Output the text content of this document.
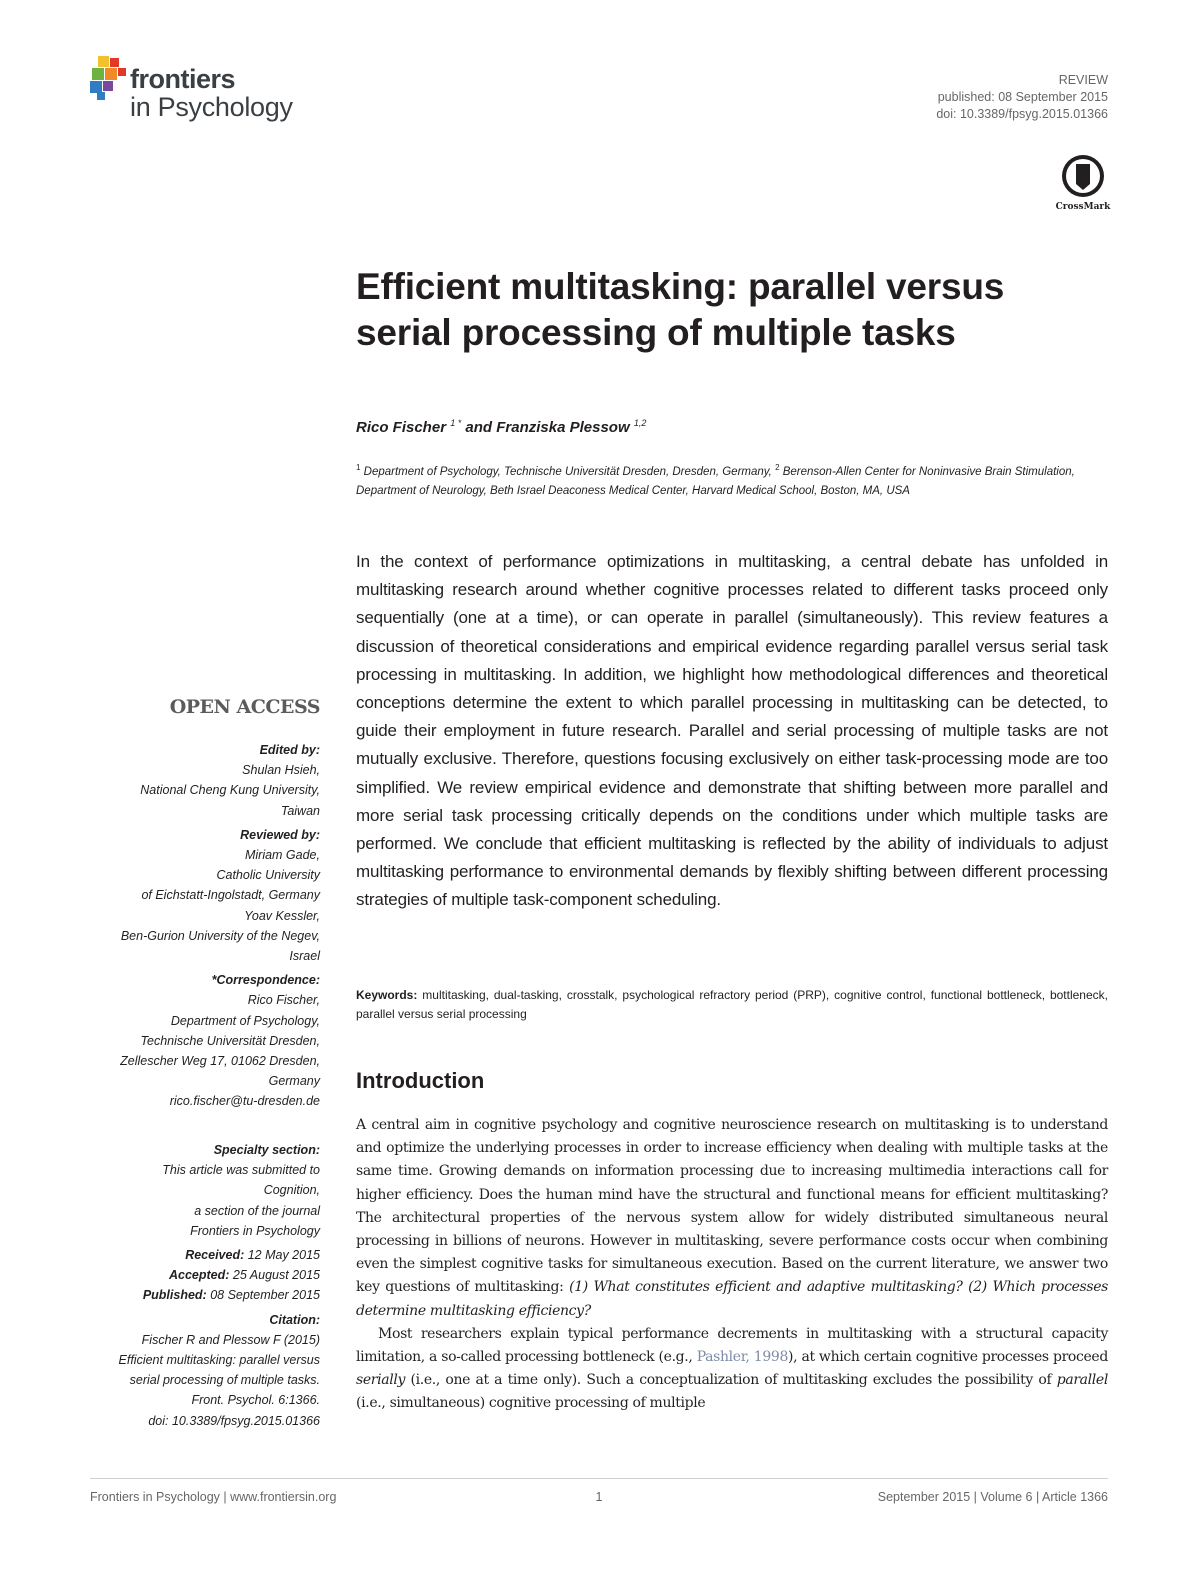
frontiers
in Psychology
REVIEW
published: 08 September 2015
doi: 10.3389/fpsyg.2015.01366
CrossMark
Efficient multitasking: parallel versus serial processing of multiple tasks
Rico Fischer $^{1 *}$ and Franziska Plessow $^{1,2}$
$^1$ Department of Psychology, Technische Universität Dresden, Dresden, Germany, $^2$ Berenson-Allen Center for Noninvasive Brain Stimulation, Department of Neurology, Beth Israel Deaconess Medical Center, Harvard Medical School, Boston, MA, USA
In the context of performance optimizations in multitasking, a central debate has unfolded in multitasking research around whether cognitive processes related to different tasks proceed only sequentially (one at a time), or can operate in parallel (simultaneously). This review features a discussion of theoretical considerations and empirical evidence regarding parallel versus serial task processing in multitasking. In addition, we highlight how methodological differences and theoretical conceptions determine the extent to which parallel processing in multitasking can be detected, to guide their employment in future research. Parallel and serial processing of multiple tasks are not mutually exclusive. Therefore, questions focusing exclusively on either task-processing mode are too simplified. We review empirical evidence and demonstrate that shifting between more parallel and more serial task processing critically depends on the conditions under which multiple tasks are performed. We conclude that efficient multitasking is reflected by the ability of individuals to adjust multitasking performance to environmental demands by flexibly shifting between different processing strategies of multiple task-component scheduling.
Keywords: multitasking, dual-tasking, crosstalk, psychological refractory period (PRP), cognitive control, functional bottleneck, bottleneck, parallel versus serial processing
Introduction

A central aim in cognitive psychology and cognitive neuroscience research on multitasking is to understand and optimize the underlying processes in order to increase efficiency when dealing with multiple tasks at the same time. Growing demands on information processing due to increasing multimedia interactions call for higher efficiency. Does the human mind have the structural and functional means for efficient multitasking? The architectural properties of the nervous system allow for widely distributed simultaneous neural processing in billions of neurons. However in multitasking, severe performance costs occur when combining even the simplest cognitive tasks for simultaneous execution. Based on the current literature, we answer two key questions of multitasking: (1) What constitutes efficient and adaptive multitasking? (2) Which processes determine multitasking efficiency?

Most researchers explain typical performance decrements in multitasking with a structural capacity limitation, a so-called processing bottleneck (e.g., Pashler, 1998), at which certain cognitive processes proceed serially (i.e., one at a time only). Such a conceptualization of multitasking excludes the possibility of parallel (i.e., simultaneous) cognitive processing of multiple

OPEN ACCESS
Edited by:
Shulan Hsieh,
National Cheng Kung University,
Taiwan
Reviewed by:
Miriam Gade,
Catholic University
of Eichstatt-Ingolstadt, Germany
Yoav Kessler,
Ben-Gurion University of the Negev,
Israel
*Correspondence:
Rico Fischer,
Department of Psychology,
Technische Universität Dresden,
Zellescher Weg 17, 01062 Dresden,
Germany
rico.fischer@tu-dresden.de
Specialty section:
This article was submitted to
Cognition,
a section of the journal
Frontiers in Psychology
Received: 12 May 2015
Accepted: 25 August 2015
Published: 08 September 2015
Citation:
Fischer R and Plessow F (2015)
Efficient multitasking: parallel versus
serial processing of multiple tasks.
Front. Psychol. 6:1366.
doi: 10.3389/fpsyg.2015.01366
Frontiers in Psychology | www.frontiersin.org	1	September 2015 | Volume 6 | Article 1366
